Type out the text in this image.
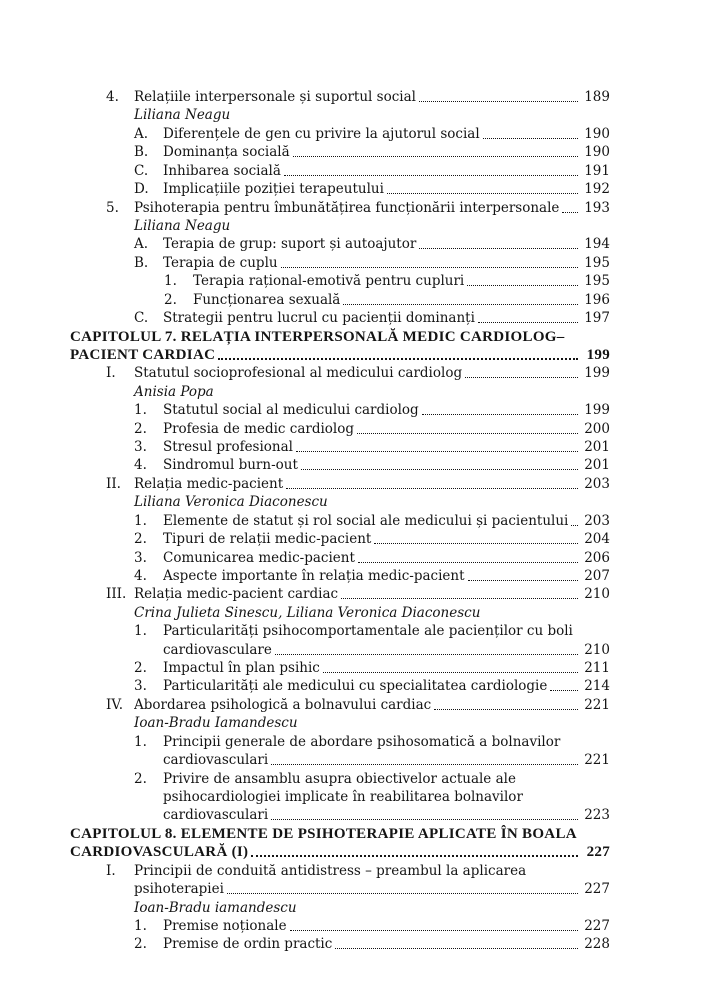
4. Relațiile interpersonale și suportul social	189
Liliana Neagu
A. Diferențele de gen cu privire la ajutorul social	190
B. Dominanța socială	190
C. Inhibarea socială	191
D. Implicațiile poziției terapeutului	192
5. Psihoterapia pentru îmbunătățirea funcționării interpersonale 193
Liliana Neagu
A. Terapia de grup: suport și autoajutor	194
B. Terapia de cuplu	195
1. Terapia rațional-emotivă pentru cupluri	195
2. Funcționarea sexuală	196
C. Strategii pentru lucrul cu pacienții dominanți	197
CAPITOLUL 7. RELAȚIA INTERPERSONALĂ MEDIC CARDIOLOG–
PACIENT CARDIAC	199
I. Statutul socioprofesional al medicului cardiolog	199
Anisia Popa
1. Statutul social al medicului cardiolog	199
2. Profesia de medic cardiolog	200
3. Stresul profesional	201
4. Sindromul burn-out	201
II. Relația medic-pacient	203
Liliana Veronica Diaconescu
1. Elemente de statut și rol social ale medicului și pacientului 203
2. Tipuri de relații medic-pacient	204
3. Comunicarea medic-pacient	206
4. Aspecte importante în relația medic-pacient	207
III. Relația medic-pacient cardiac	210
Crina Julieta Sinescu, Liliana Veronica Diaconescu
1. Particularități psihocomportamentale ale pacienților cu boli
cardiovasculare	210
2. Impactul în plan psihic	211
3. Particularități ale medicului cu specialitatea cardiologie	214
IV. Abordarea psihologică a bolnavului cardiac	221
Ioan-Bradu Iamandescu
1. Principii generale de abordare psihosomatică a bolnavilor
cardiovasculari	221
2. Privire de ansamblu asupra obiectivelor actuale ale
psihocardiologiei implicate în reabilitarea bolnavilor
cardiovasculari	223
CAPITOLUL 8. ELEMENTE DE PSIHOTERAPIE APLICATE ÎN BOALA
CARDIOVASCULARĂ (I)	227
I. Principii de conduită antidistress – preambul la aplicarea
psihoterapiei	227
Ioan-Bradu iamandescu
1. Premise noționale	227
2. Premise de ordin practic	228
